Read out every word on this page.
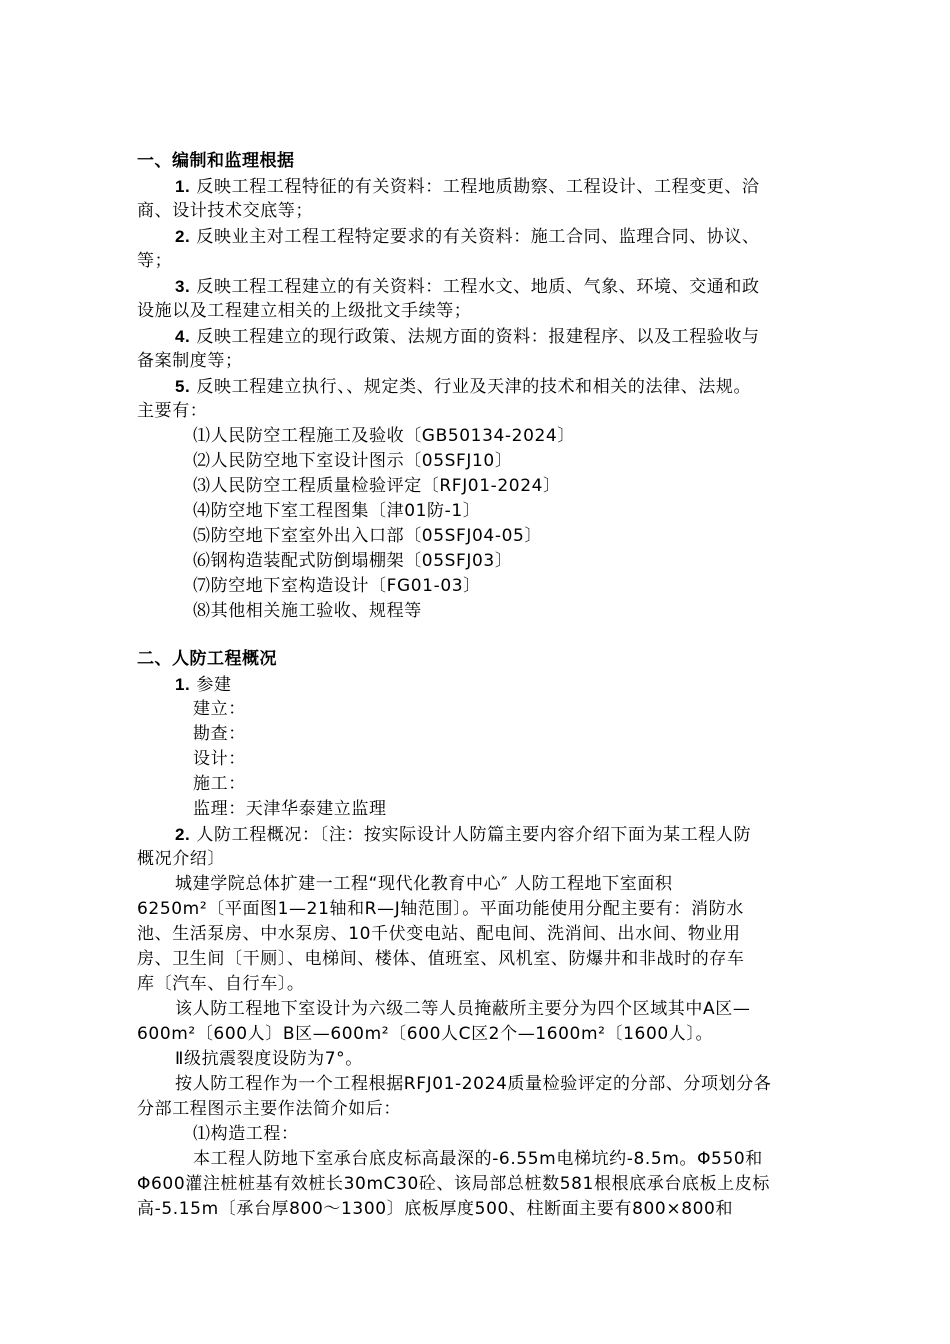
一、编制和监理根据
1. 反映工程工程特征的有关资料：工程地质勘察、工程设计、工程变更、洽
商、设计技术交底等；
2. 反映业主对工程工程特定要求的有关资料：施工合同、监理合同、协议、
等；
3. 反映工程工程建立的有关资料：工程水文、地质、气象、环境、交通和政
设施以及工程建立相关的上级批文手续等；
4. 反映工程建立的现行政策、法规方面的资料：报建程序、以及工程验收与
备案制度等；
5. 反映工程建立执行、、规定类、行业及天津的技术和相关的法律、法规。
主要有：
⑴人民防空工程施工及验收〔GB50134-2024〕
⑵人民防空地下室设计图示〔05SFJ10〕
⑶人民防空工程质量检验评定〔RFJ01-2024〕
⑷防空地下室工程图集〔津01防-1〕
⑸防空地下室室外出入口部〔05SFJ04-05〕
⑹钢构造装配式防倒塌棚架〔05SFJ03〕
⑺防空地下室构造设计〔FG01-03〕
⑻其他相关施工验收、规程等
二、人防工程概况
1. 参建
建立：
勘查：
设计：
施工：
监理：天津华泰建立监理
2. 人防工程概况：〔注：按实际设计人防篇主要内容介绍下面为某工程人防
概况介绍〕
城建学院总体扩建一工程“现代化教育中心″ 人防工程地下室面积
6250m²〔平面图1—21轴和R—J轴范围〕。平面功能使用分配主要有：消防水
池、生活泵房、中水泵房、10千伏变电站、配电间、洗消间、出水间、物业用
房、卫生间〔干厕〕、电梯间、楼体、值班室、风机室、防爆井和非战时的存车
库〔汽车、自行车〕。
该人防工程地下室设计为六级二等人员掩蔽所主要分为四个区域其中A区—
600m²〔600人〕B区—600m²〔600人C区2个—1600m²〔1600人〕。
Ⅱ级抗震裂度设防为7°。
按人防工程作为一个工程根据RFJ01-2024质量检验评定的分部、分项划分各
分部工程图示主要作法简介如后：
⑴构造工程：
本工程人防地下室承台底皮标高最深的-6.55m电梯坑约-8.5m。Φ550和
Φ600灌注桩桩基有效桩长30mC30砼、该局部总桩数581根根底承台底板上皮标
高-5.15m〔承台厚800～1300〕底板厚度500、柱断面主要有800×800和
